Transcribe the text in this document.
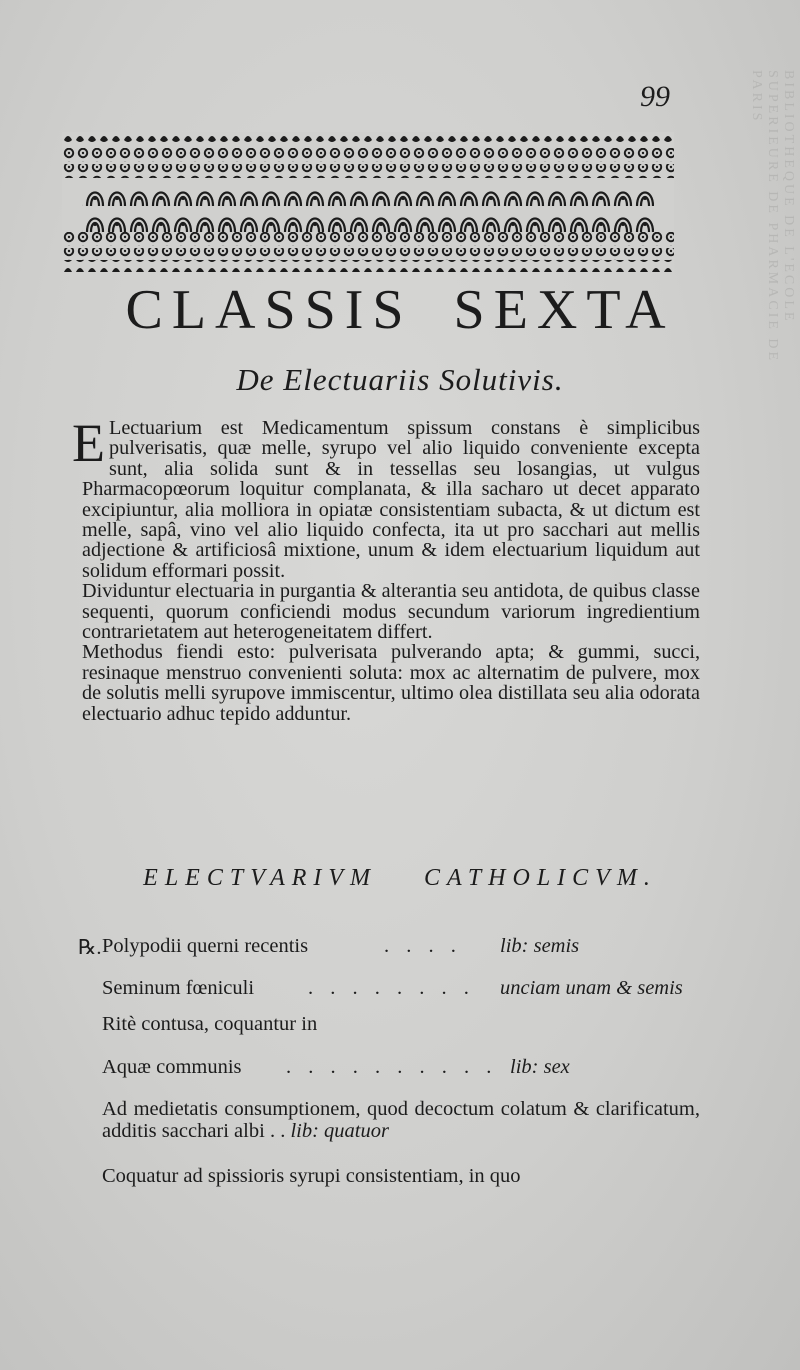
BIBLIOTHEQUE DE L'ECOLE SUPERIEURE DE PHARMACIE DE PARIS
99
CLASSIS SEXTA
De Electuariis Solutivis.

E Lectuarium est Medicamentum spissum constans è simplicibus pulverisatis, quæ melle, syrupo vel alio liquido conveniente excepta sunt, alia solida sunt & in tessellas seu losangias, ut vulgus Pharmacopœorum loquitur complanata, & illa sacharo ut decet apparato excipiuntur, alia molliora in opiatæ consistentiam subacta, & ut dictum est melle, sapâ, vino vel alio liquido confecta, ita ut pro sacchari aut mellis adjectione & artificiosâ mixtione, unum & idem electuarium liquidum aut solidum efformari possit.

Dividuntur electuaria in purgantia & alterantia seu antidota, de quibus classe sequenti, quorum conficiendi modus secundum variorum ingredientium contrarietatem aut heterogeneitatem differt.

Methodus fiendi esto: pulverisata pulverando apta; & gummi, succi, resinaque menstruo convenienti soluta: mox ac alternatim de pulvere, mox de solutis melli syrupove immiscentur, ultimo olea distillata seu alia odorata electuario adhuc tepido adduntur.

ELECTVARIVM CATHOLICVM.
℞. Polypodii querni recentis	. . . . lib: semis
Seminum fœniculi	. . . . . . . . unciam unam & semis
Ritè contusa, coquantur in
Aquæ communis . . . . . . . . . . lib: sex
Ad medietatis consumptionem, quod decoctum colatum & clarificatum, additis sacchari albi . . lib: quatuor
Coquatur ad spissioris syrupi consistentiam, in quo
